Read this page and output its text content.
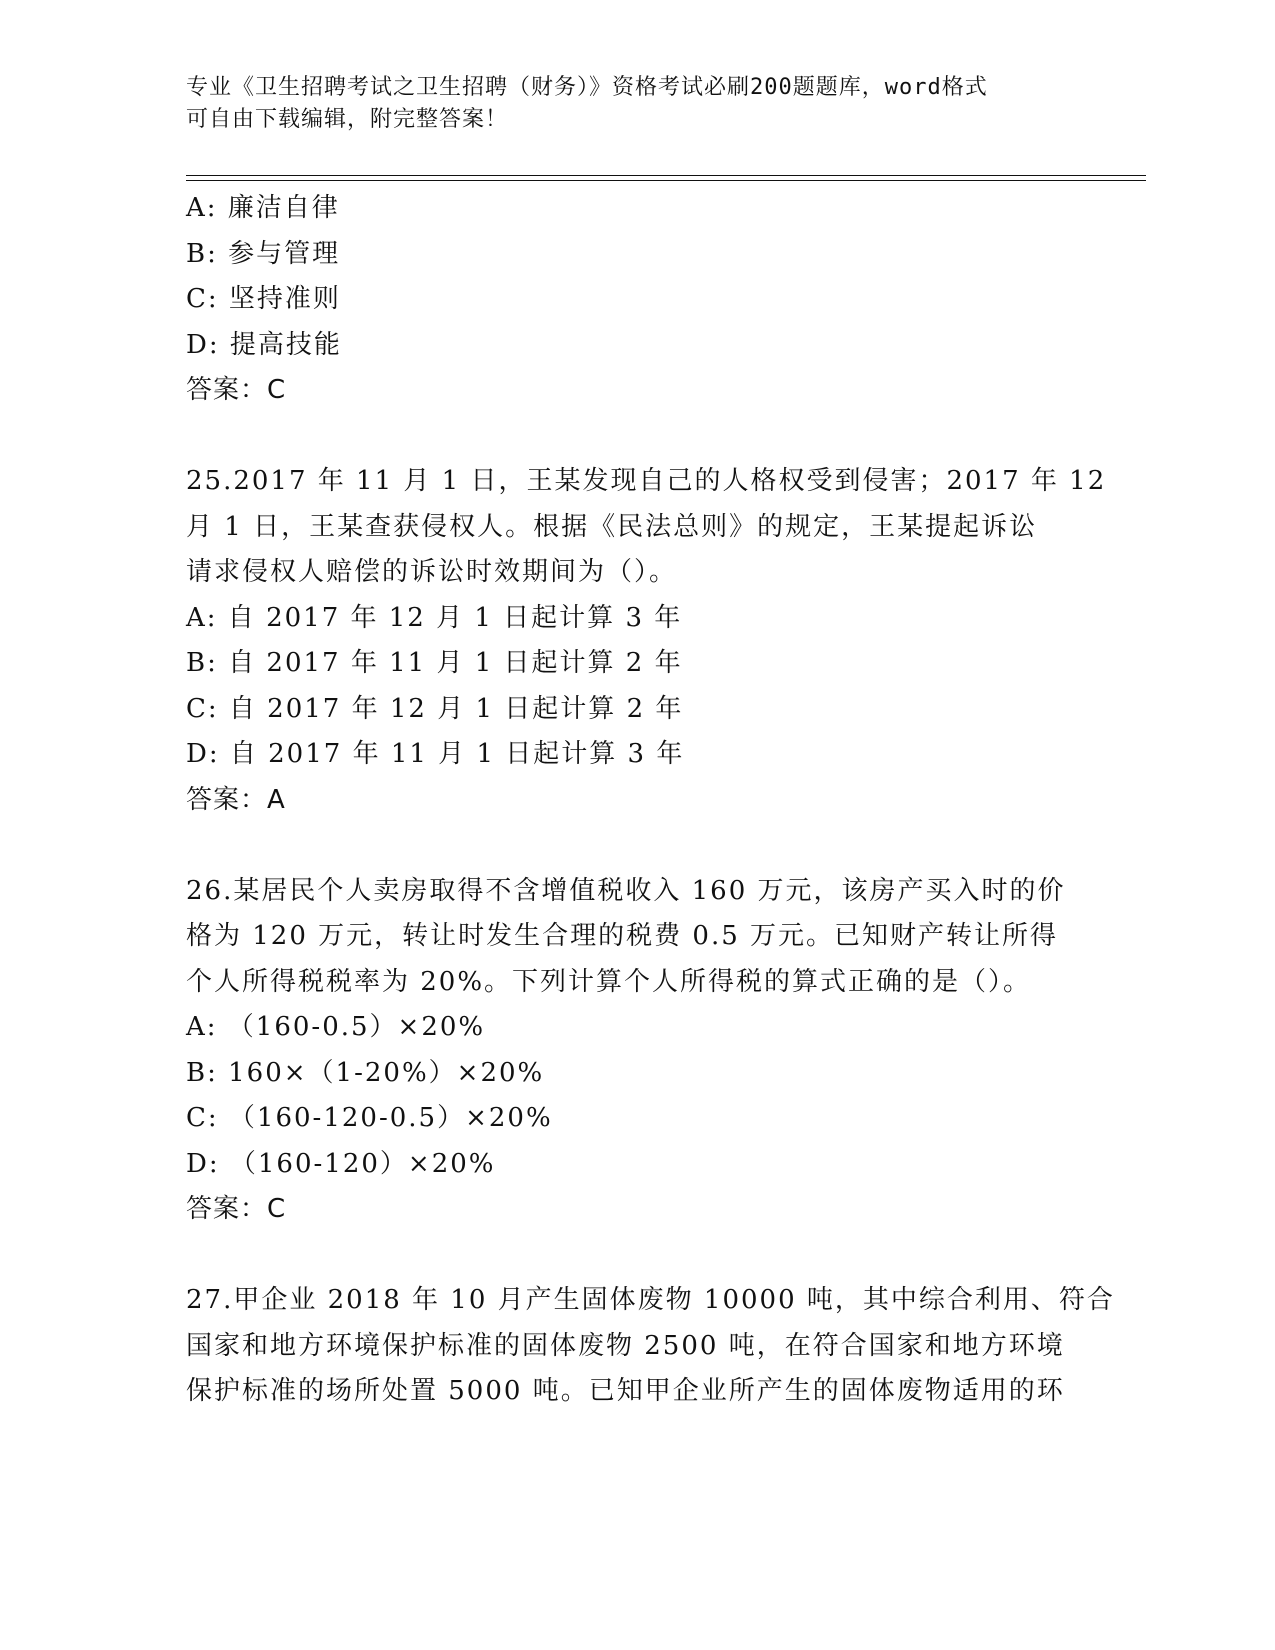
专业《卫生招聘考试之卫生招聘（财务）》资格考试必刷200题题库，word格式
可自由下载编辑，附完整答案！
A: 廉洁自律
B: 参与管理
C: 坚持准则
D: 提高技能
答案：C
25.2017 年 11 月 1 日，王某发现自己的人格权受到侵害；2017 年 12
月 1 日，王某查获侵权人。根据《民法总则》的规定，王某提起诉讼
请求侵权人赔偿的诉讼时效期间为（）。
A: 自 2017 年 12 月 1 日起计算 3 年
B: 自 2017 年 11 月 1 日起计算 2 年
C: 自 2017 年 12 月 1 日起计算 2 年
D: 自 2017 年 11 月 1 日起计算 3 年
答案：A
26.某居民个人卖房取得不含增值税收入 160 万元，该房产买入时的价
格为 120 万元，转让时发生合理的税费 0.5 万元。已知财产转让所得
个人所得税税率为 20%。下列计算个人所得税的算式正确的是（）。
A: （160-0.5）×20%
B: 160×（1-20%）×20%
C: （160-120-0.5）×20%
D: （160-120）×20%
答案：C
27.甲企业 2018 年 10 月产生固体废物 10000 吨，其中综合利用、符合
国家和地方环境保护标准的固体废物 2500 吨，在符合国家和地方环境
保护标准的场所处置 5000 吨。已知甲企业所产生的固体废物适用的环
